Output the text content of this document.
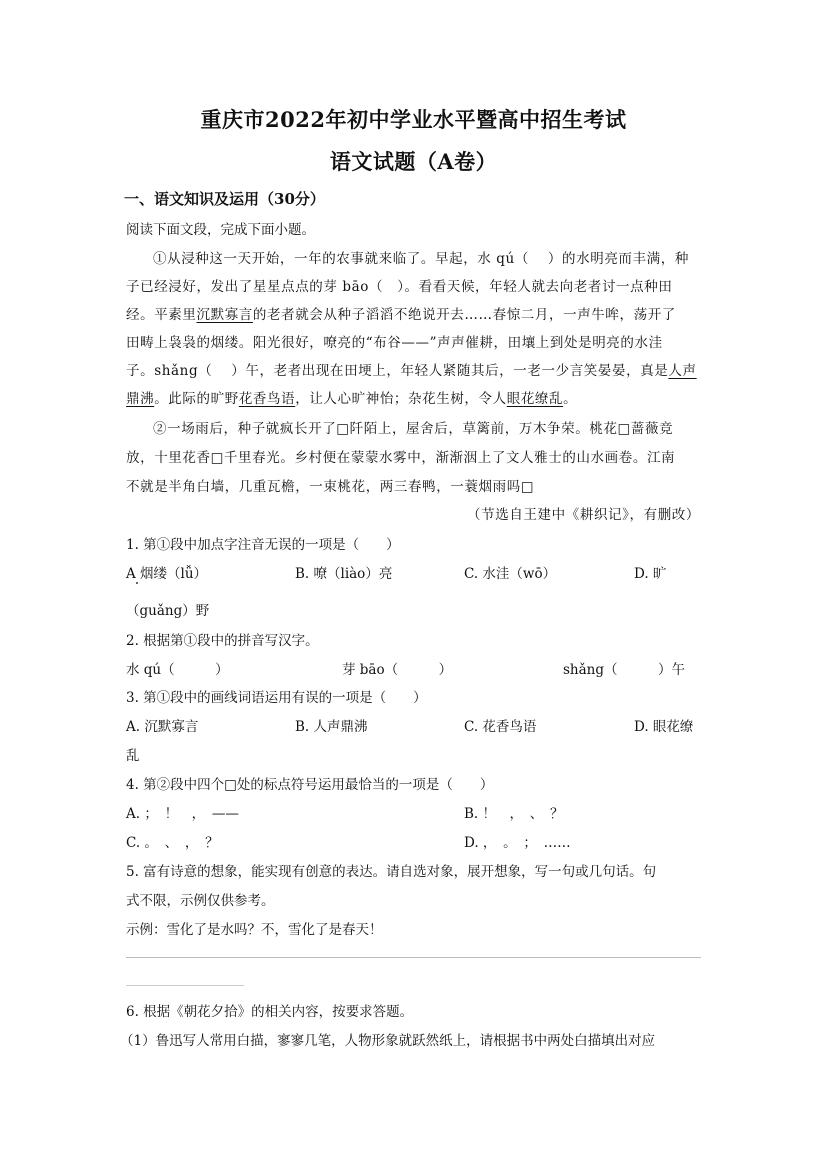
重庆市2022年初中学业水平暨高中招生考试
语文试题（A卷）
一、语文知识及运用（30分）
阅读下面文段，完成下面小题。
①从浸种这一天开始，一年的农事就来临了。早起，水 qú（　 ）的水明亮而丰满，种
子已经浸好，发出了星星点点的芽 bāo（　）。看看天候，年轻人就去向老者讨一点种田
经。平素里沉默寡言的老者就会从种子滔滔不绝说开去……春惊二月，一声牛哞，荡开了
田畴上袅袅的烟缕。阳光很好，嘹亮的“布谷——”声声催耕，田壤上到处是明亮的水洼
子。shǎng（　 ）午，老者出现在田埂上，年轻人紧随其后，一老一少言笑晏晏，真是人声
鼎沸。此际的旷野花香鸟语，让人心旷神怡；杂花生树，令人眼花缭乱。
②一场雨后，种子就疯长开了□阡陌上，屋舍后，草篱前，万木争荣。桃花□蔷薇竞
放，十里花香□千里春光。乡村便在蒙蒙水雾中，渐渐洇上了文人雅士的山水画卷。江南
不就是半角白墙，几重瓦檐，一束桃花，两三春鸭，一蓑烟雨吗□
（节选自王建中《耕织记》，有删改）
1. 第①段中加点字注音无误的一项是（　　）
A 烟缕（lǚ）	B. 嘹（liào）亮	C. 水洼（wō）	D. 旷
（guǎng）野
2. 根据第①段中的拼音写汉字。
水 qú（　　　）	芽 bāo（　　　）	shǎng（　　　）午
3. 第①段中的画线词语运用有误的一项是（　　）
A. 沉默寡言	B. 人声鼎沸	C. 花香鸟语	D. 眼花缭
乱
4. 第②段中四个□处的标点符号运用最恰当的一项是（　　）
A. ；　！　，　——	B. ！　，　、　？
C. 。　、　，　？	D. ，　。　；　……
5. 富有诗意的想象，能实现有创意的表达。请自选对象，展开想象，写一句或几句话。句
式不限，示例仅供参考。
示例：雪化了是水吗？不，雪化了是春天！
6. 根据《朝花夕拾》的相关内容，按要求答题。
（1）鲁迅写人常用白描，寥寥几笔，人物形象就跃然纸上，请根据书中两处白描填出对应
